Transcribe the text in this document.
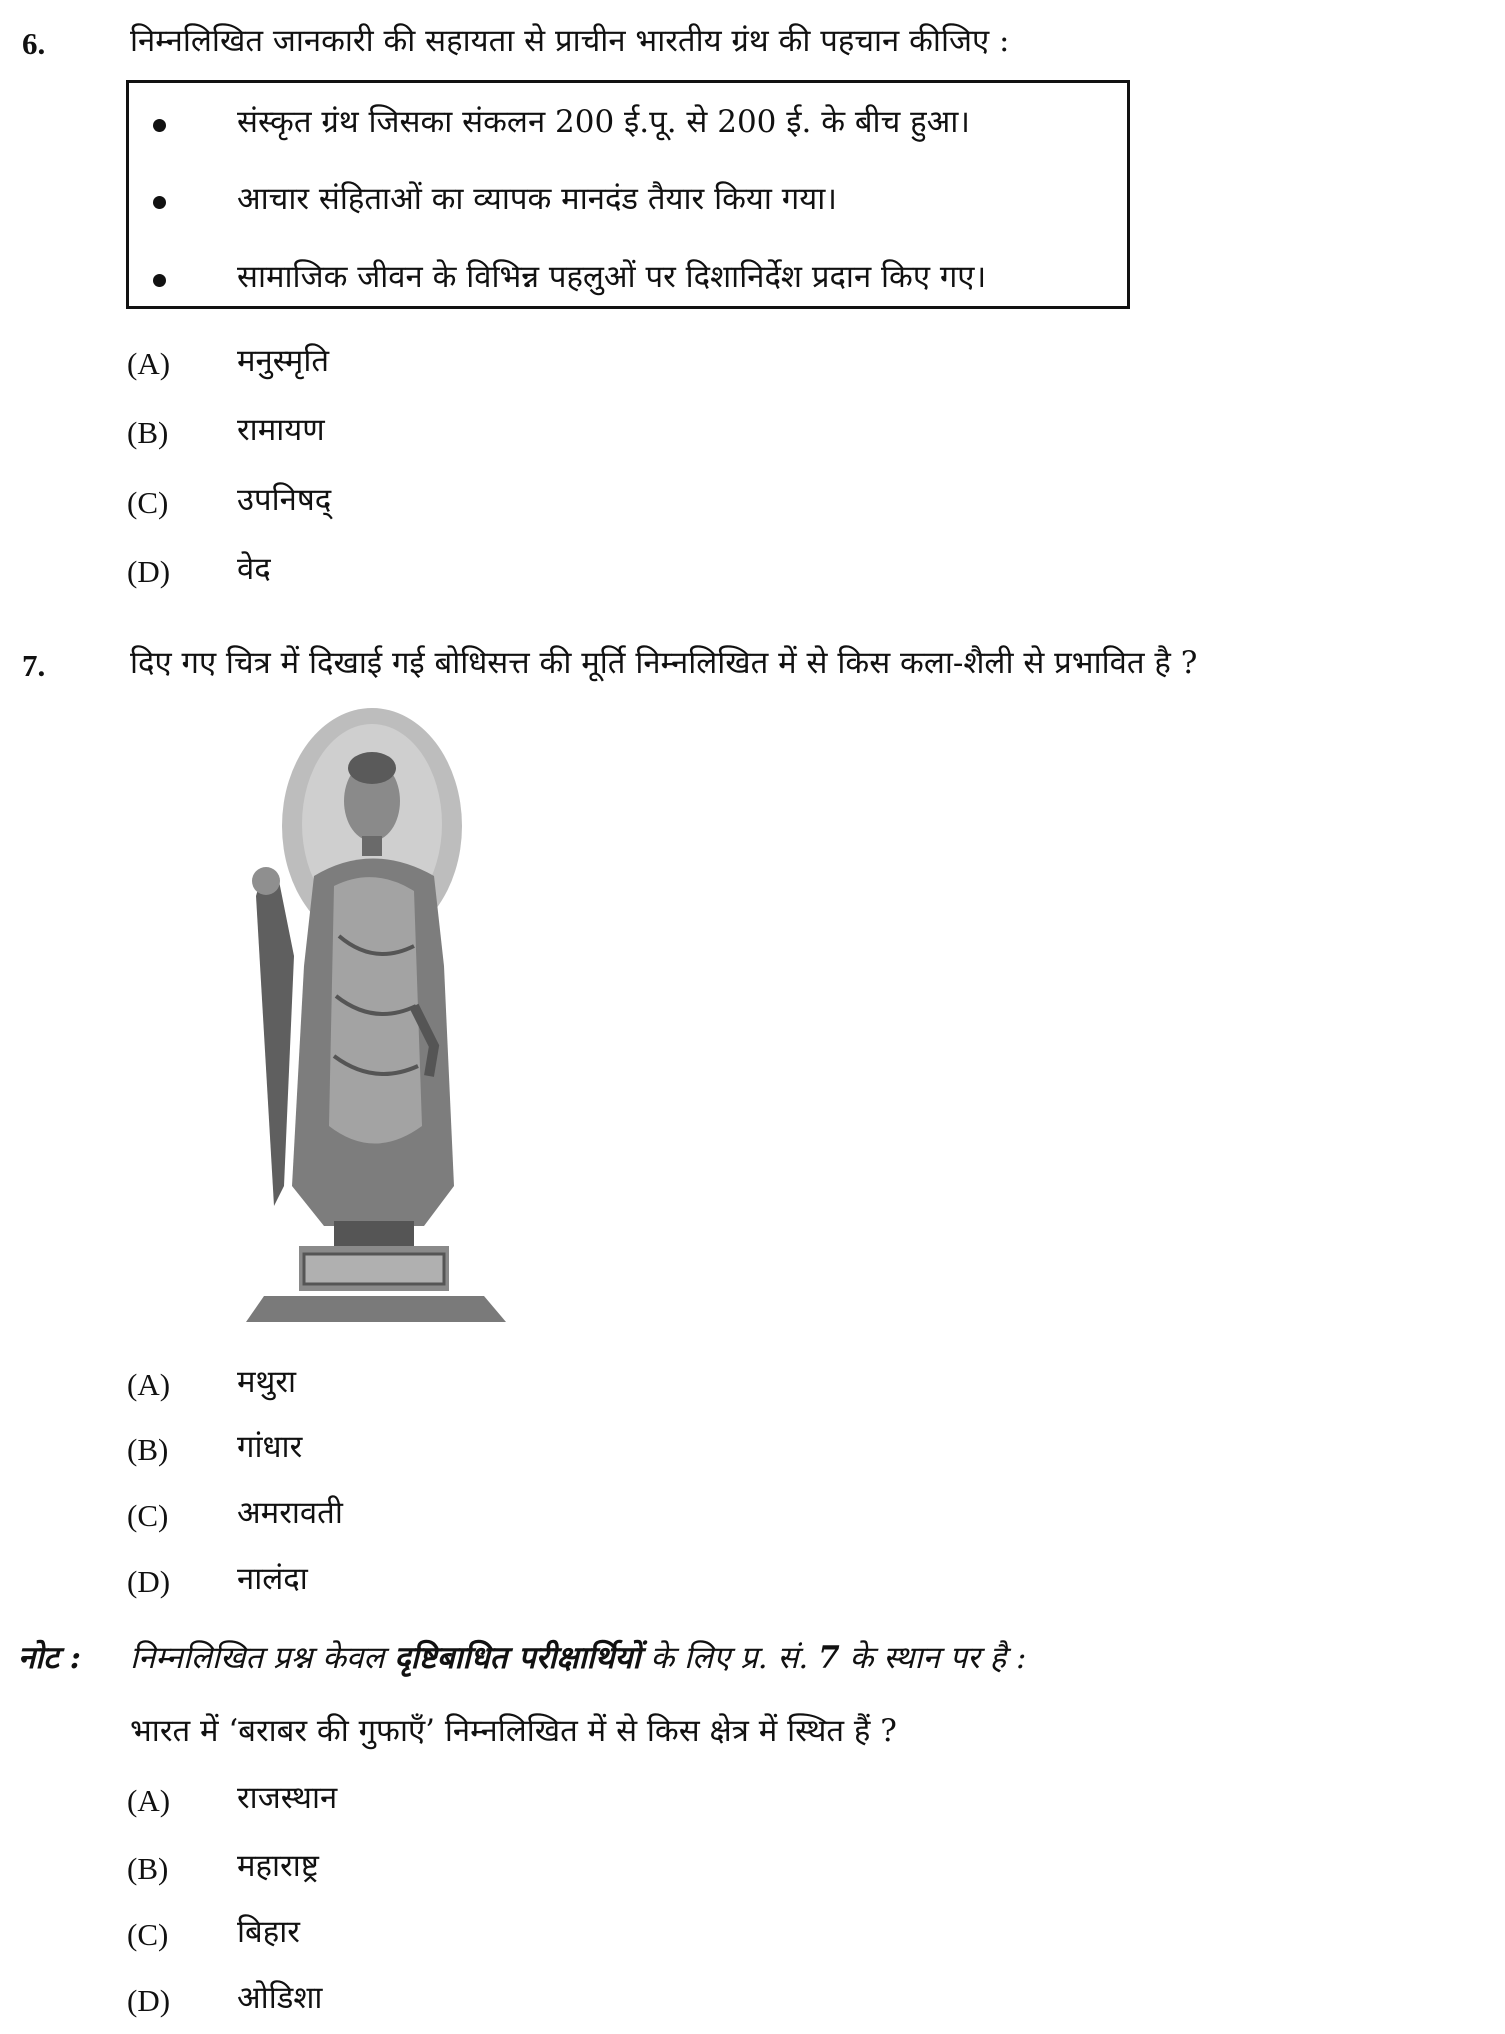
6.	निम्नलिखित जानकारी की सहायता से प्राचीन भारतीय ग्रंथ की पहचान कीजिए :
संस्कृत ग्रंथ जिसका संकलन 200 ई.पू. से 200 ई. के बीच हुआ।
आचार संहिताओं का व्यापक मानदंड तैयार किया गया।
सामाजिक जीवन के विभिन्न पहलुओं पर दिशानिर्देश प्रदान किए गए।
(A) मनुस्मृति
(B) रामायण
(C) उपनिषद्
(D) वेद
7.	दिए गए चित्र में दिखाई गई बोधिसत्त की मूर्ति निम्नलिखित में से किस कला-शैली से प्रभावित है ?
(A) मथुरा
(B) गांधार
(C) अमरावती
(D) नालंदा
नोट : निम्नलिखित प्रश्न केवल दृष्टिबाधित परीक्षार्थियों के लिए प्र. सं. 7 के स्थान पर है :
भारत में ‘बराबर की गुफाएँ’ निम्नलिखित में से किस क्षेत्र में स्थित हैं ?
(A) राजस्थान
(B) महाराष्ट्र
(C) बिहार
(D) ओडिशा
